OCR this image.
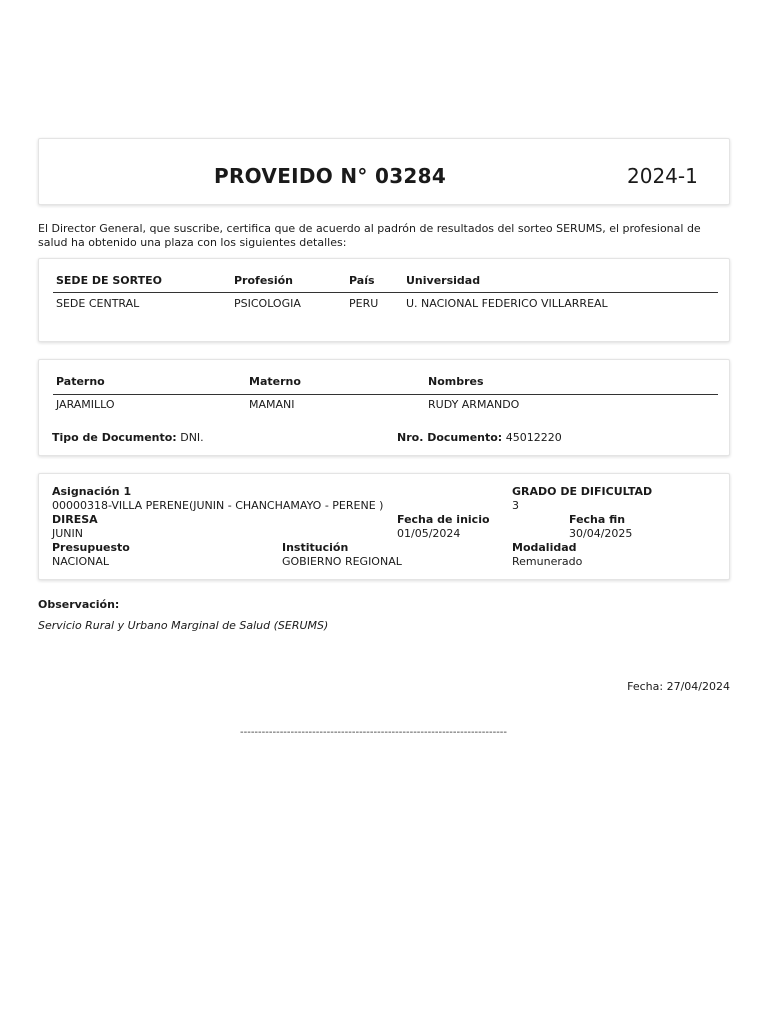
PROVEIDO N° 03284	2024-1
El Director General, que suscribe, certifica que de acuerdo al padrón de resultados del sorteo SERUMS, el profesional de salud ha obtenido una plaza con los siguientes detalles:
SEDE DE SORTEO	Profesión	País	Universidad
SEDE CENTRAL	PSICOLOGIA	PERU	U. NACIONAL FEDERICO VILLARREAL
Paterno	Materno	Nombres
JARAMILLO	MAMANI	RUDY ARMANDO
Tipo de Documento: DNI.	Nro. Documento: 45012220
Asignación 1
00000318-VILLA PERENE(JUNIN - CHANCHAMAYO - PERENE )
GRADO DE DIFICULTAD
3
DIRESA
JUNIN
Fecha de inicio
01/05/2024
Fecha fin
30/04/2025
Presupuesto
NACIONAL
Institución
GOBIERNO REGIONAL
Modalidad
Remunerado
Observación:
Servicio Rural y Urbano Marginal de Salud (SERUMS)
Fecha: 27/04/2024
--------------------------------------------------------------------------
